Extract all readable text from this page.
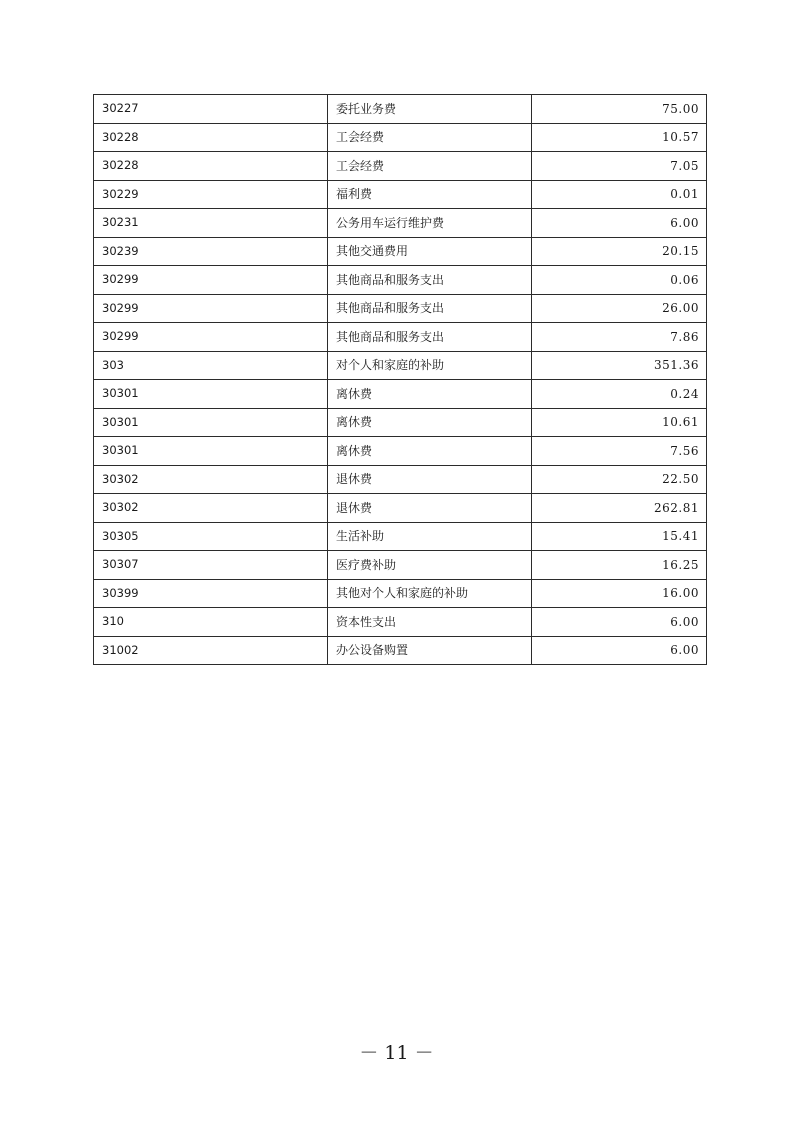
30227	委托业务费	75.00
30228	工会经费	10.57
30228	工会经费	7.05
30229	福利费	0.01
30231	公务用车运行维护费	6.00
30239	其他交通费用	20.15
30299	其他商品和服务支出	0.06
30299	其他商品和服务支出	26.00
30299	其他商品和服务支出	7.86
303	对个人和家庭的补助	351.36
30301	离休费	0.24
30301	离休费	10.61
30301	离休费	7.56
30302	退休费	22.50
30302	退休费	262.81
30305	生活补助	15.41
30307	医疗费补助	16.25
30399	其他对个人和家庭的补助	16.00
310	资本性支出	6.00
31002	办公设备购置	6.00
－ 11 －
